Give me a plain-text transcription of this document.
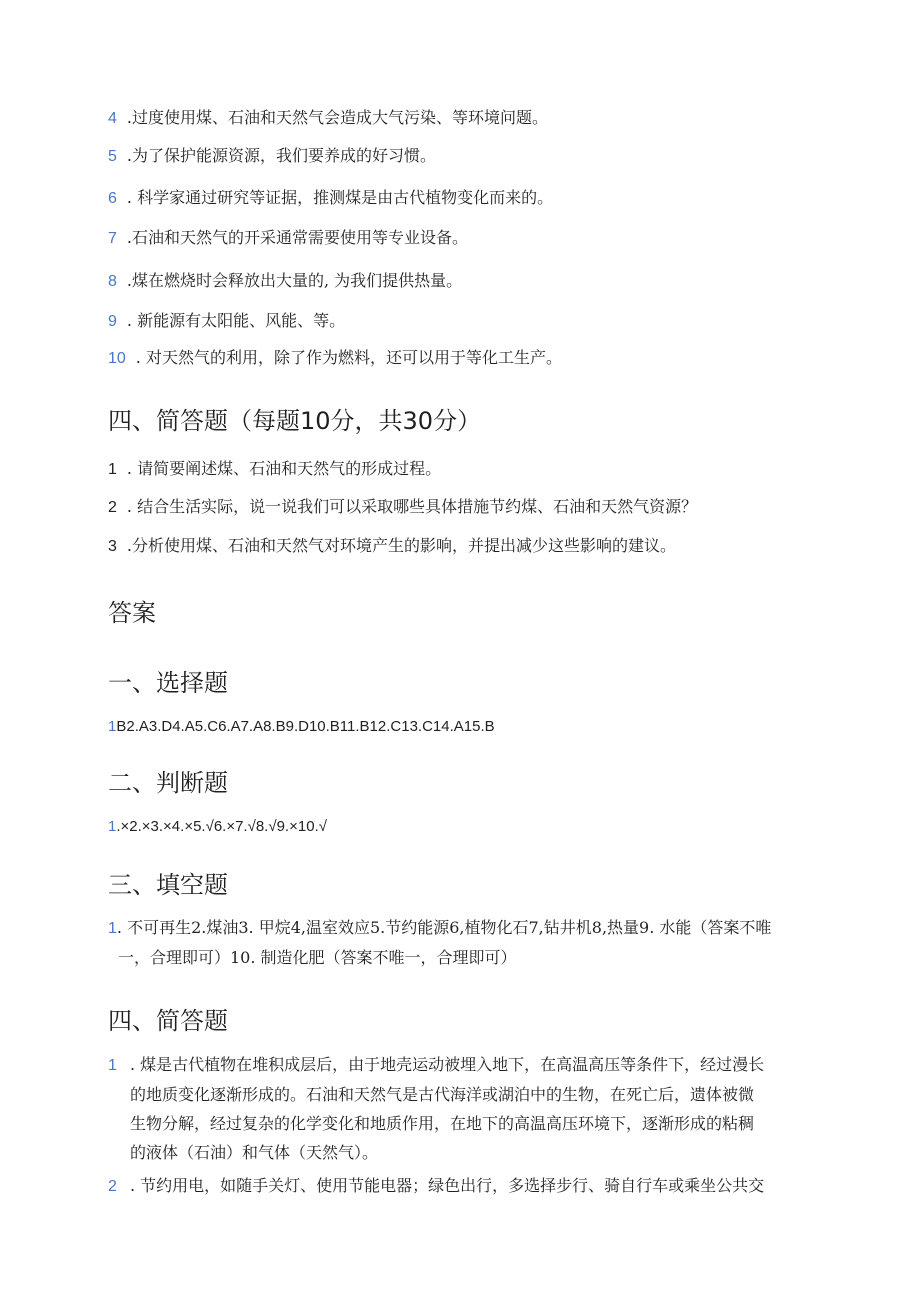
4 .过度使用煤、石油和天然气会造成大气污染、等环境问题。
5 .为了保护能源资源，我们要养成的好习惯。
6 . 科学家通过研究等证据，推测煤是由古代植物变化而来的。
7 .石油和天然气的开采通常需要使用等专业设备。
8 .煤在燃烧时会释放出大量的, 为我们提供热量。
9 . 新能源有太阳能、风能、等。
10 . 对天然气的利用，除了作为燃料，还可以用于等化工生产。
四、简答题（每题10分，共30分）
1 . 请简要阐述煤、石油和天然气的形成过程。
2 . 结合生活实际，说一说我们可以采取哪些具体措施节约煤、石油和天然气资源？
3 .分析使用煤、石油和天然气对环境产生的影响，并提出减少这些影响的建议。
答案
一、选择题
1B2.A3.D4.A5.C6.A7.A8.B9.D10.B11.B12.C13.C14.A15.B
二、判断题
1.×2.×3.×4.×5.√6.×7.√8.√9.×10.√
三、填空题
1. 不可再生2.煤油3. 甲烷4,温室效应5.节约能源6,植物化石7,钻井机8,热量9. 水能（答案不唯
一，合理即可）10. 制造化肥（答案不唯一，合理即可）
四、简答题
1 . 煤是古代植物在堆积成层后，由于地壳运动被埋入地下，在高温高压等条件下，经过漫长
的地质变化逐渐形成的。石油和天然气是古代海洋或湖泊中的生物，在死亡后，遗体被微
生物分解，经过复杂的化学变化和地质作用，在地下的高温高压环境下，逐渐形成的粘稠
的液体（石油）和气体（天然气）。
2 . 节约用电，如随手关灯、使用节能电器；绿色出行，多选择步行、骑自行车或乘坐公共交
